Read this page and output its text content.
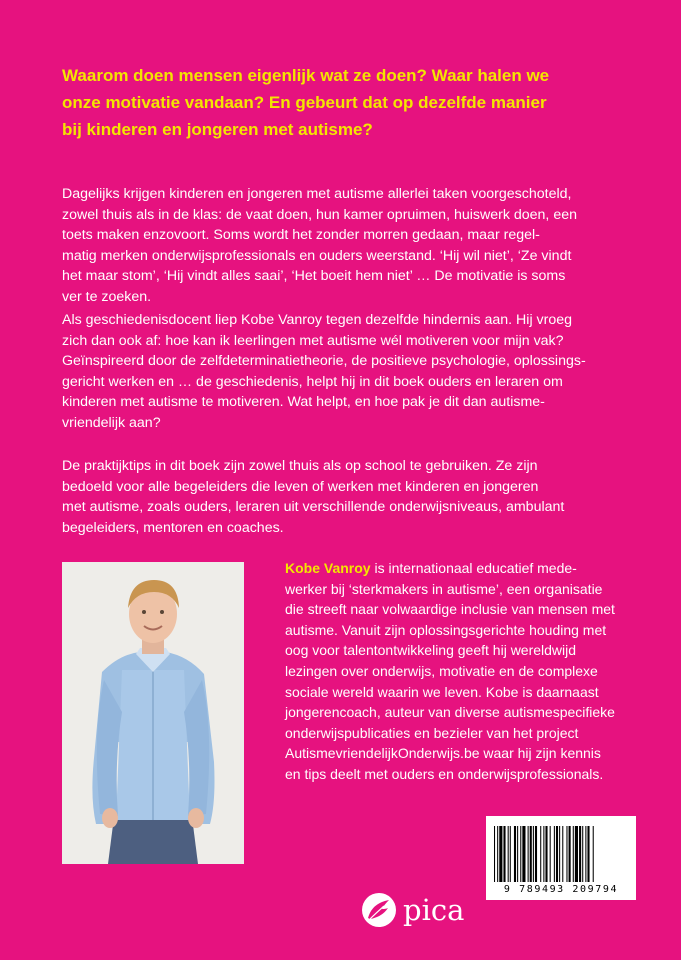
Waarom doen mensen eigenlijk wat ze doen? Waar halen we
onze motivatie vandaan? En gebeurt dat op dezelfde manier
bij kinderen en jongeren met autisme?

Dagelijks krijgen kinderen en jongeren met autisme allerlei taken voorgeschoteld,
zowel thuis als in de klas: de vaat doen, hun kamer opruimen, huiswerk doen, een
toets maken enzovoort. Soms wordt het zonder morren gedaan, maar regel-
matig merken onderwijsprofessionals en ouders weerstand. ‘Hij wil niet’, ‘Ze vindt
het maar stom’, ‘Hij vindt alles saai’, ‘Het boeit hem niet’ … De motivatie is soms
ver te zoeken.

Als geschiedenisdocent liep Kobe Vanroy tegen dezelfde hindernis aan. Hij vroeg
zich dan ook af: hoe kan ik leerlingen met autisme wél motiveren voor mijn vak?
Geïnspireerd door de zelfdeterminatietheorie, de positieve psychologie, oplossings-
gericht werken en … de geschiedenis, helpt hij in dit boek ouders en leraren om
kinderen met autisme te motiveren. Wat helpt, en hoe pak je dit dan autisme-
vriendelijk aan?

De praktijktips in dit boek zijn zowel thuis als op school te gebruiken. Ze zijn
bedoeld voor alle begeleiders die leven of werken met kinderen en jongeren
met autisme, zoals ouders, leraren uit verschillende onderwijsniveaus, ambulant
begeleiders, mentoren en coaches.

Kobe Vanroy is internationaal educatief mede-
werker bij ‘sterkmakers in autisme’, een organisatie
die streeft naar volwaardige inclusie van mensen met
autisme. Vanuit zijn oplossingsgerichte houding met
oog voor talentontwikkeling geeft hij wereldwijd
lezingen over onderwijs, motivatie en de complexe
sociale wereld waarin we leven. Kobe is daarnaast
jongerencoach, auteur van diverse autismespecifieke
onderwijspublicaties en bezieler van het project
AutismevriendelijkOnderwijs.be waar hij zijn kennis
en tips deelt met ouders en onderwijsprofessionals.

pica
9 789493 209794
